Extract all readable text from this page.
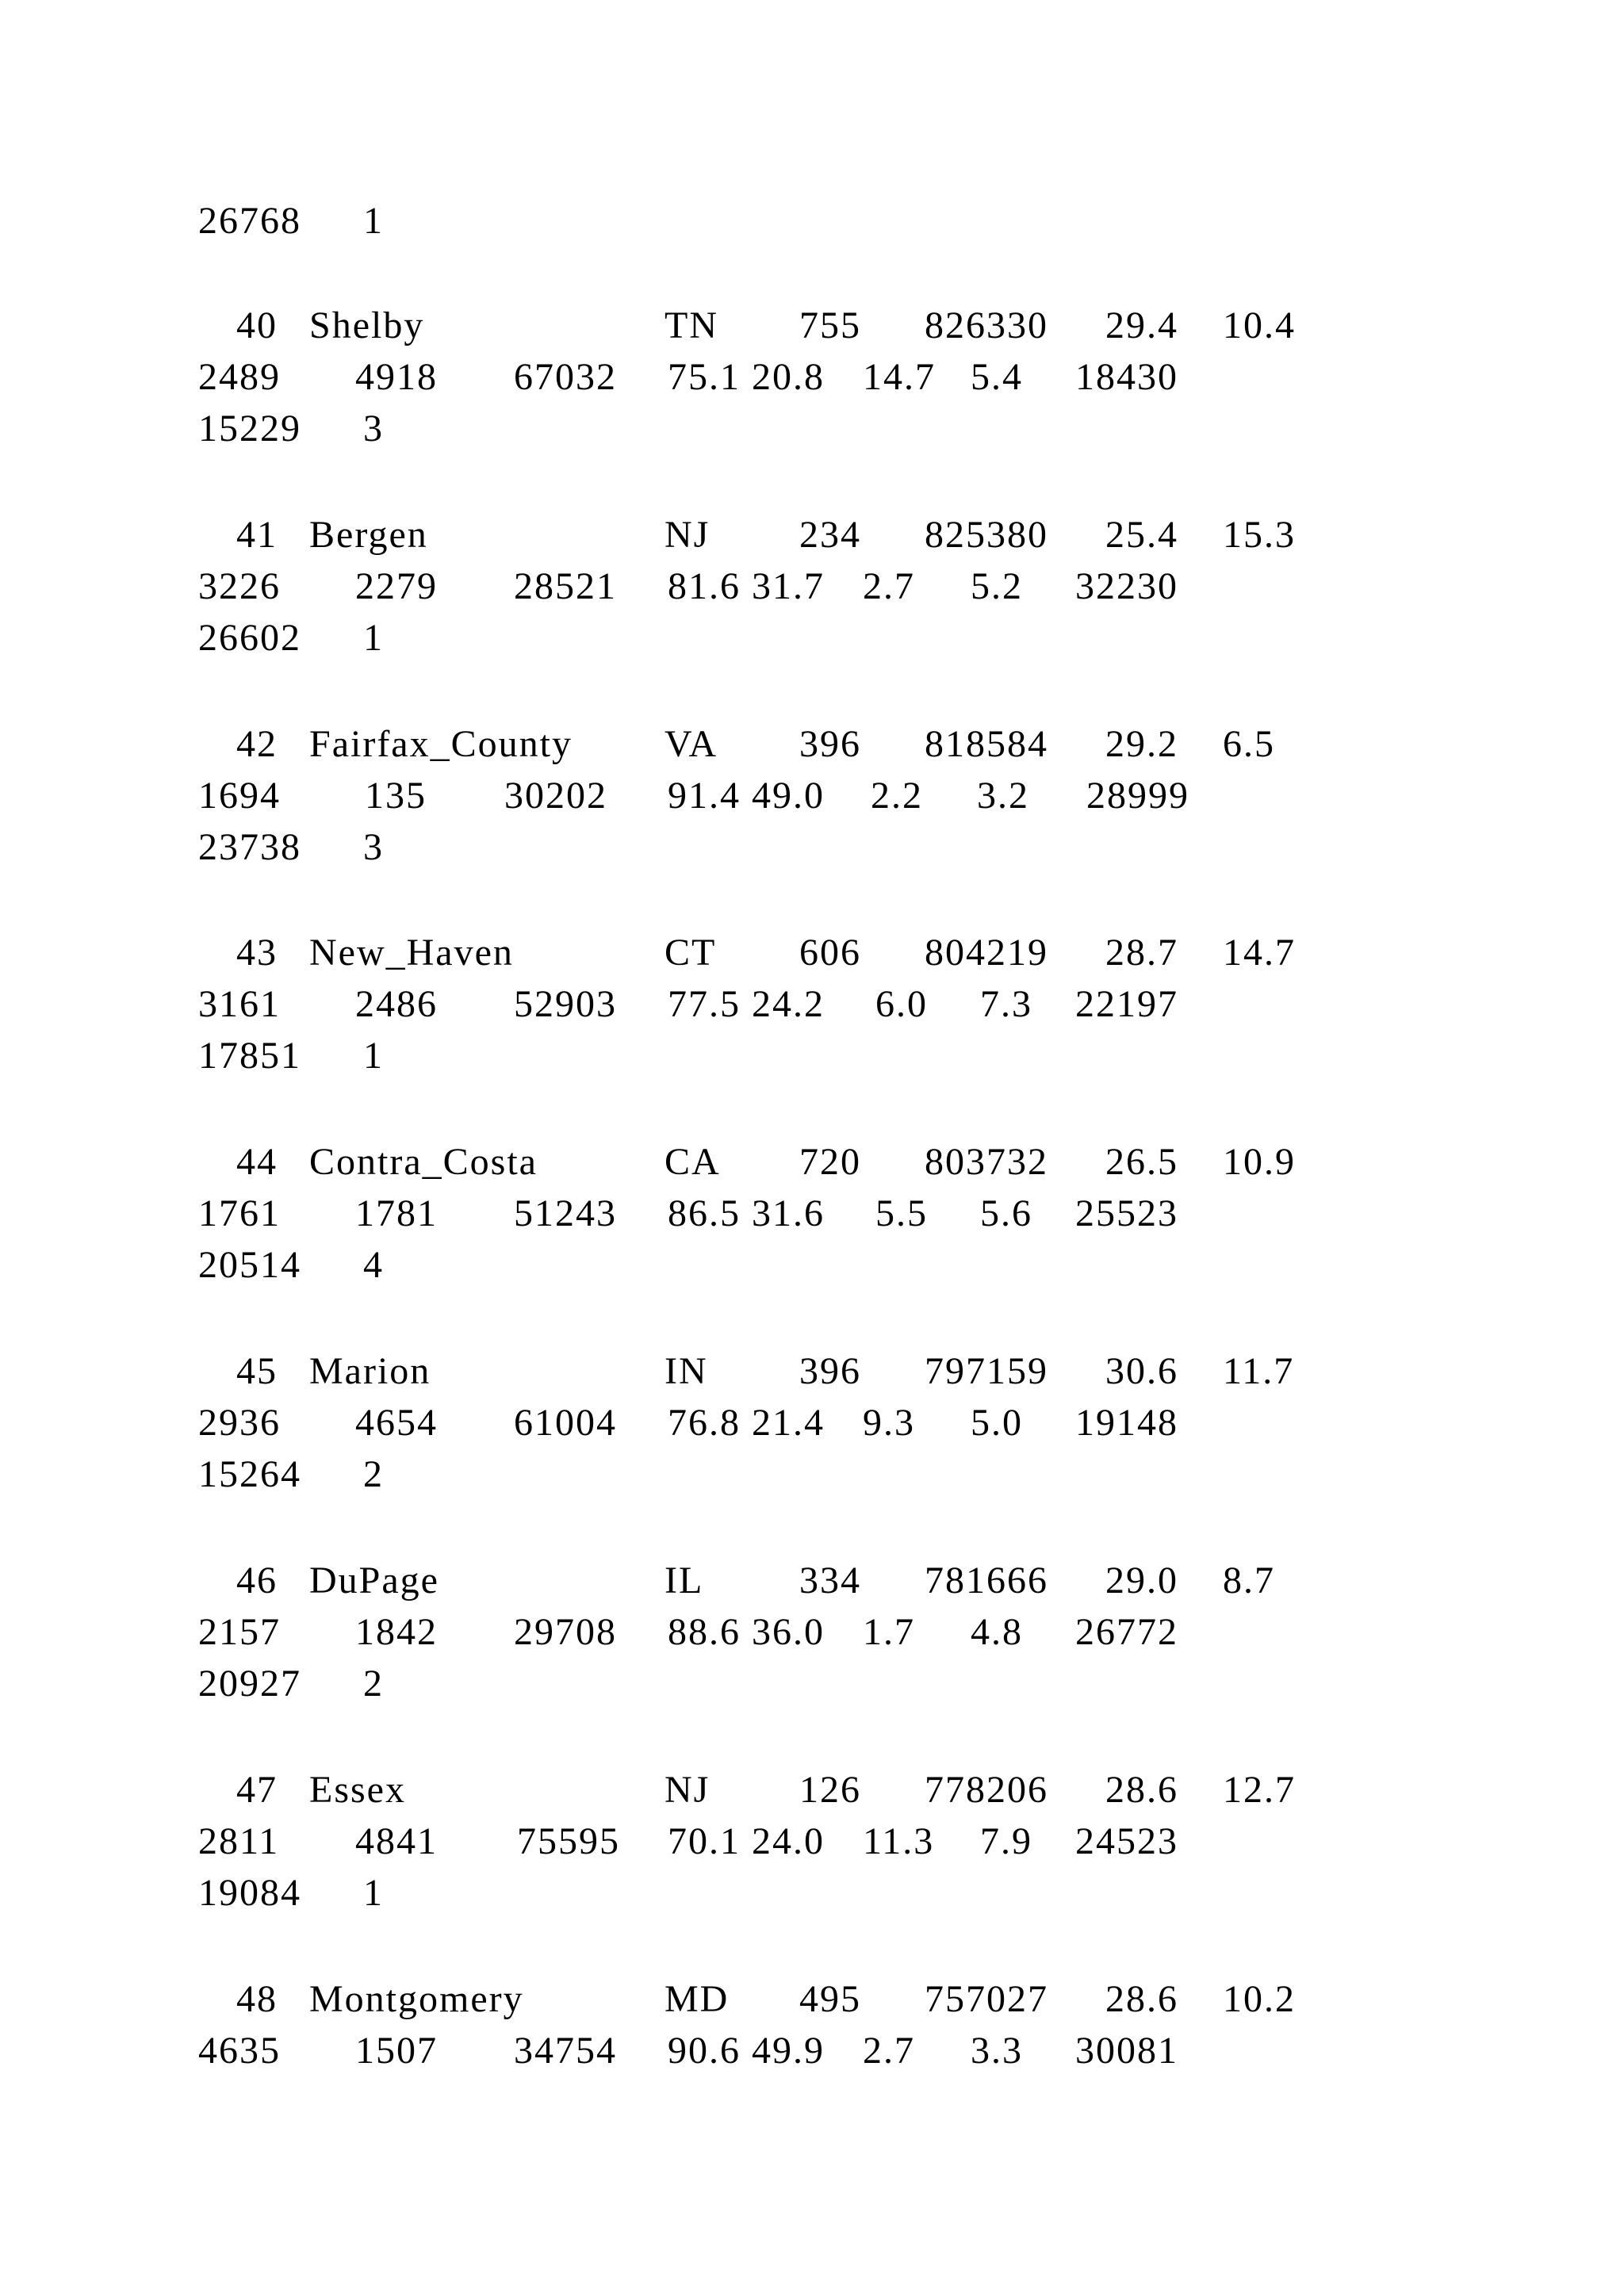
26768 1
40 Shelby	TN 755 826330 29.4 10.4
2489 4918 67032 75.1 20.8 14.7 5.4 18430
15229 3
41 Bergen	NJ 234 825380 25.4 15.3
3226 2279 28521 81.6 31.7 2.7 5.2 32230
26602 1
42 Fairfax_County VA 396 818584 29.2 6.5
1694 135 30202 91.4 49.0 2.2 3.2 28999
23738 3
43 New_Haven	CT 606 804219 28.7 14.7
3161 2486 52903 77.5 24.2 6.0 7.3 22197
17851 1
44 Contra_Costa	CA 720 803732 26.5 10.9
1761 1781 51243 86.5 31.6 5.5 5.6 25523
20514 4
45 Marion	IN 396 797159 30.6 11.7
2936 4654 61004 76.8 21.4 9.3 5.0 19148
15264 2
46 DuPage	IL	334 781666 29.0 8.7
2157 1842 29708 88.6 36.0 1.7 4.8 26772
20927 2
47 Essex	NJ 126 778206 28.6 12.7
2811 4841 75595 70.1 24.0 11.3 7.9 24523
19084 1
48 Montgomery	MD 495 757027 28.6 10.2
4635 1507 34754 90.6 49.9 2.7 3.3 30081
